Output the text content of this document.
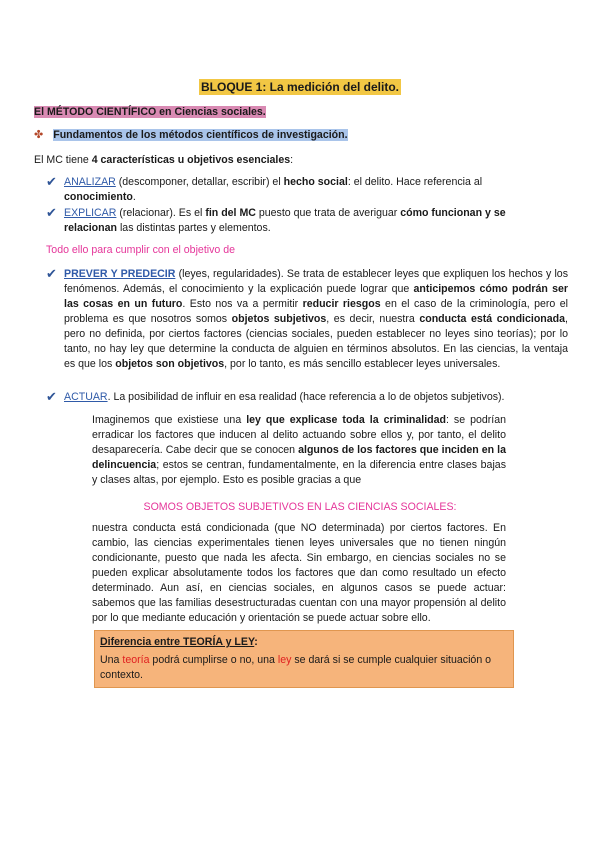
BLOQUE 1: La medición del delito.
El MÉTODO CIENTÍFICO en Ciencias sociales.
✤ Fundamentos de los métodos científicos de investigación.
El MC tiene 4 características u objetivos esenciales:
✔ ANALIZAR (descomponer, detallar, escribir) el hecho social: el delito. Hace referencia al
conocimiento.
✔ EXPLICAR (relacionar). Es el fin del MC puesto que trata de averiguar cómo funcionan y se
relacionan las distintas partes y elementos.
Todo ello para cumplir con el objetivo de
✔ PREVER Y PREDECIR (leyes, regularidades). Se trata de establecer leyes que expliquen los hechos y los fenómenos. Además, el conocimiento y la explicación puede lograr que anticipemos cómo podrán ser las cosas en un futuro. Esto nos va a permitir reducir riesgos en el caso de la criminología, pero el problema es que nosotros somos objetos subjetivos, es decir, nuestra conducta está condicionada, pero no definida, por ciertos factores (ciencias sociales, pueden establecer no leyes sino teorías); por lo tanto, no hay ley que determine la conducta de alguien en términos absolutos. En las ciencias, la ventaja es que los objetos son objetivos, por lo tanto, es más sencillo establecer leyes universales.
✔ ACTUAR. La posibilidad de influir en esa realidad (hace referencia a lo de objetos subjetivos).
Imaginemos que existiese una ley que explicase toda la criminalidad: se podrían erradicar los factores que inducen al delito actuando sobre ellos y, por tanto, el delito desaparecería. Cabe decir que se conocen algunos de los factores que inciden en la delincuencia; estos se centran, fundamentalmente, en la diferencia entre clases bajas y clases altas, por ejemplo. Esto es posible gracias a que
SOMOS OBJETOS SUBJETIVOS EN LAS CIENCIAS SOCIALES:
nuestra conducta está condicionada (que NO determinada) por ciertos factores. En cambio, las ciencias experimentales tienen leyes universales que no tienen ningún condicionante, puesto que nada les afecta. Sin embargo, en ciencias sociales no se pueden explicar absolutamente todos los factores que dan como resultado un efecto determinado. Aun así, en ciencias sociales, en algunos casos se puede actuar: sabemos que las familias desestructuradas cuentan con una mayor propensión al delito por lo que mediante educación y orientación se puede actuar sobre ello.
Diferencia entre TEORÍA y LEY:
Una teoría podrá cumplirse o no, una ley se dará si se cumple cualquier situación o contexto.
